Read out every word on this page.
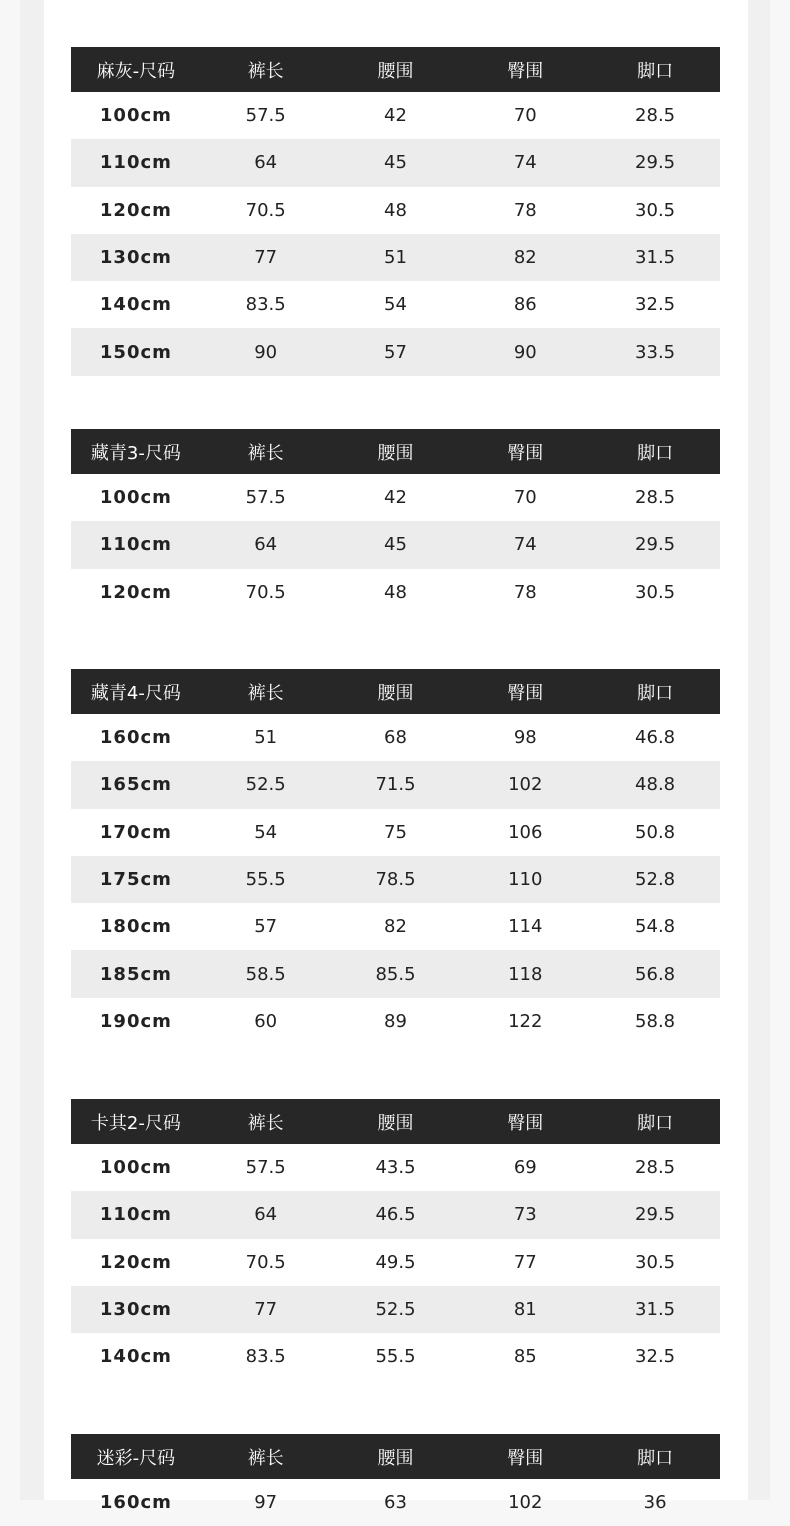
麻灰-尺码	裤长	腰围	臀围	脚口
100cm	57.5	42	70	28.5
110cm	64	45	74	29.5
120cm	70.5	48	78	30.5
130cm	77	51	82	31.5
140cm	83.5	54	86	32.5
150cm	90	57	90	33.5
藏青3-尺码	裤长	腰围	臀围	脚口
100cm	57.5	42	70	28.5
110cm	64	45	74	29.5
120cm	70.5	48	78	30.5
藏青4-尺码	裤长	腰围	臀围	脚口
160cm	51	68	98	46.8
165cm	52.5	71.5	102	48.8
170cm	54	75	106	50.8
175cm	55.5	78.5	110	52.8
180cm	57	82	114	54.8
185cm	58.5	85.5	118	56.8
190cm	60	89	122	58.8
卡其2-尺码	裤长	腰围	臀围	脚口
100cm	57.5	43.5	69	28.5
110cm	64	46.5	73	29.5
120cm	70.5	49.5	77	30.5
130cm	77	52.5	81	31.5
140cm	83.5	55.5	85	32.5
迷彩-尺码	裤长	腰围	臀围	脚口
160cm	97	63	102	36
